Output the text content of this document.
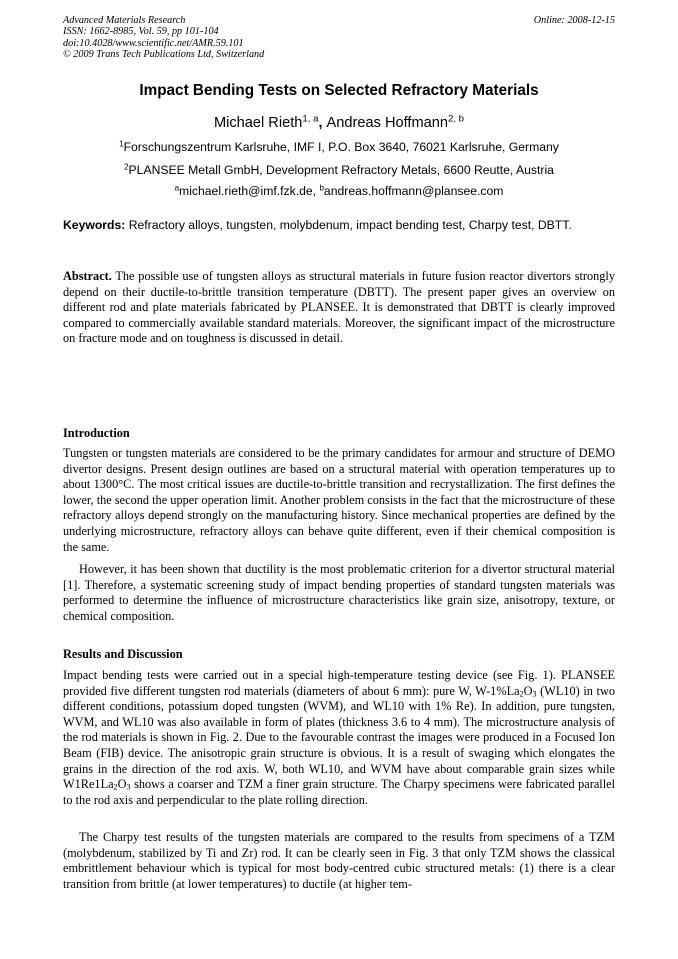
Advanced Materials Research
ISSN: 1662-8985, Vol. 59, pp 101-104
doi:10.4028/www.scientific.net/AMR.59.101
© 2009 Trans Tech Publications Ltd, Switzerland
Online: 2008-12-15
Impact Bending Tests on Selected Refractory Materials
Michael Rieth$^{1, a}$, Andreas Hoffmann$^{2, b}$
$^1$Forschungszentrum Karlsruhe, IMF I, P.O. Box 3640, 76021 Karlsruhe, Germany
$^2$PLANSEE Metall GmbH, Development Refractory Metals, 6600 Reutte, Austria
$^a$michael.rieth@imf.fzk.de, $^b$andreas.hoffmann@plansee.com
Keywords: Refractory alloys, tungsten, molybdenum, impact bending test, Charpy test, DBTT.
Abstract. The possible use of tungsten alloys as structural materials in future fusion reactor divertors strongly depend on their ductile-to-brittle transition temperature (DBTT). The present paper gives an overview on different rod and plate materials fabricated by PLANSEE. It is demonstrated that DBTT is clearly improved compared to commercially available standard materials. Moreover, the significant impact of the microstructure on fracture mode and on toughness is discussed in detail.
Introduction
Tungsten or tungsten materials are considered to be the primary candidates for armour and structure of DEMO divertor designs. Present design outlines are based on a structural material with operation temperatures up to about 1300°C. The most critical issues are ductile-to-brittle transition and recrystallization. The first defines the lower, the second the upper operation limit. Another problem consists in the fact that the microstructure of these refractory alloys depend strongly on the manufacturing history. Since mechanical properties are defined by the underlying microstructure, refractory alloys can behave quite different, even if their chemical composition is the same.
However, it has been shown that ductility is the most problematic criterion for a divertor structural material [1]. Therefore, a systematic screening study of impact bending properties of standard tungsten materials was performed to determine the influence of microstructure characteristics like grain size, anisotropy, texture, or chemical composition.
Results and Discussion
Impact bending tests were carried out in a special high-temperature testing device (see Fig. 1). PLANSEE provided five different tungsten rod materials (diameters of about 6 mm): pure W, $W-1\%La_2O_3$ (WL10) in two different conditions, potassium doped tungsten (WVM), and WL10 with 1% Re). In addition, pure tungsten, WVM, and WL10 was also available in form of plates (thickness 3.6 to 4 mm). The microstructure analysis of the rod materials is shown in Fig. 2. Due to the favourable contrast the images were produced in a Focused Ion Beam (FIB) device. The anisotropic grain structure is obvious. It is a result of swaging which elongates the grains in the direction of the rod axis. W, both WL10, and WVM have about comparable grain sizes while $W1Re1La_2O_3$ shows a coarser and TZM a finer grain structure. The Charpy specimens were fabricated parallel to the rod axis and perpendicular to the plate rolling direction.
The Charpy test results of the tungsten materials are compared to the results from specimens of a TZM (molybdenum, stabilized by Ti and Zr) rod. It can be clearly seen in Fig. 3 that only TZM shows the classical embrittlement behaviour which is typical for most body-centred cubic structured metals: (1) there is a clear transition from brittle (at lower temperatures) to ductile (at higher tem-
